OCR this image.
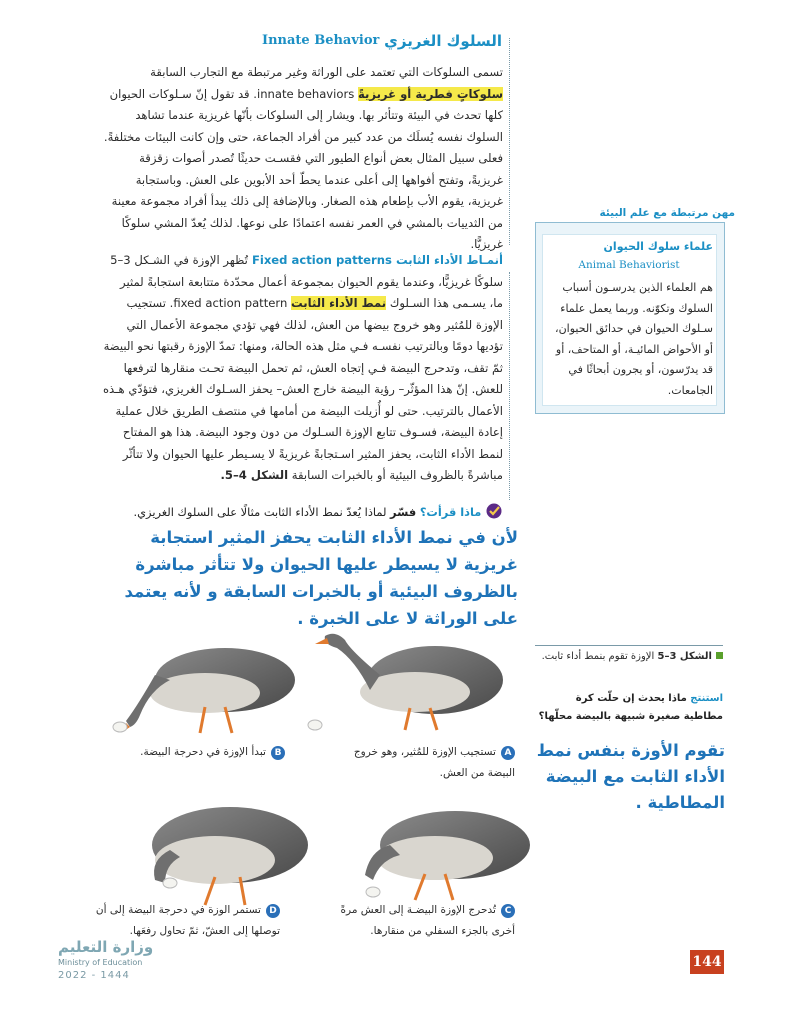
السلوك الغريزي
Innate Behavior
تسمى السلوكات التي تعتمد على الوراثة وغير مرتبطة مع التجارب السابقة سلوكاتٍ فطرية أو غريزيةً innate behaviors. قد تقول إنّ سـلوكات الحيوان كلها تحدث في البيئة وتتأثر بها. ويشار إلى السلوكات بأنّها غريزية عندما تشاهد السلوك نفسه يُسلَك من عدد كبير من أفراد الجماعة، حتى وإن كانت البيئات مختلفةً. فعلى سبيل المثال بعض أنواع الطيور التي فقسـت حديثًا تُصدر أصوات زقزقة غريزيةً، وتفتح أفواهها إلى أعلى عندما يحطّ أحد الأبوين على العش. وباستجابة غريزية، يقوم الأب بإطعام هذه الصغار. وبالإضافة إلى ذلك يبدأ أفراد مجموعة معينة من الثدييات بالمشي في العمر نفسه اعتمادًا على نوعها. لذلك يُعدّ المشي سلوكًا غريزيًّا.
أنمـاط الأداء الثابت Fixed action patterns تُظهر الإوزة في الشـكل 3–5 سلوكًا غريزيًّا، وعندما يقوم الحيوان بمجموعة أعمال محدّدة متتابعة استجابةً لمثير ما، يسـمى هذا السـلوك نمط الأداء الثابت fixed action pattern. تستجيب الإوزة للمُثير وهو خروج بيضها من العش، لذلك فهي تؤدي مجموعة الأعمال التي تؤديها دومًا وبالترتيب نفسـه فـي مثل هذه الحالة، ومنها: تمدّ الإوزة رقبتها نحو البيضة ثمّ تقف، وتدحرج البيضة فـي إتجاه العش، ثم تحمل البيضة تحـت منقارها لترفعها للعش. إنّ هذا المؤثّر– رؤية البيضة خارج العش– يحفز السـلوك الغريزي، فتؤدّي هـذه الأعمال بالترتيب. حتى لو أُزيلت البيضة من أمامها في منتصف الطريق خلال عملية إعادة البيضة، فسـوف تتابع الإوزة السـلوك من دون وجود البيضة. هذا هو المفتاح لنمط الأداء الثابت، يحفز المثير اسـتجابةً غريزيةً لا يسـيطر عليها الحيوان ولا تتأثّر مباشرةً بالظروف البيئية أو بالخبرات السابقة الشكل 4–5.
ماذا قرأت؟ فسّر لماذا يُعدّ نمط الأداء الثابت مثالًا على السلوك الغريزي.
لأن في نمط الأداء الثابت يحفز المثير استجابة غريزية لا يسيطر عليها الحيوان ولا تتأثر مباشرة بالظروف البيئية أو بالخبرات السابقة و لأنه يعتمد على الوراثة لا على الخبرة .
مهن مرتبطة مع علم البيئة
علماء سلوك الحيوان
Animal Behaviorist
هم العلماء الذين يدرسـون أسباب السلوك وتكوّنه. وربما يعمل علماء سـلوك الحيوان في حدائق الحيوان، أو الأحواض المائيـة، أو المتاحف، أو قد يدرّسون، أو يجرون أبحاثًا في الجامعات.
الشكل 3–5 الإوزة تقوم بنمط أداء ثابت.
استنتج ماذا يحدث إن حلّت كرة مطاطية صغيرة شبيهة بالبيضة محلّها؟
تقوم الأوزة بنفس نمط الأداء الثابت مع البيضة المطاطية .
A تستجيب الإوزة للمُثير، وهو خروج البيضة من العش.
B تبدأ الإوزة في دحرجة البيضة.
C تُدحرج الإوزة البيضـة إلى العش مرةً أخرى بالجزء السفلي من منقارها.
D تستمر الوزة في دحرجة البيضة إلى أن توصلها إلى العشّ، ثمّ تحاول رفعَها.
144
وزارة التعليم
Ministry of Education
2022 - 1444
